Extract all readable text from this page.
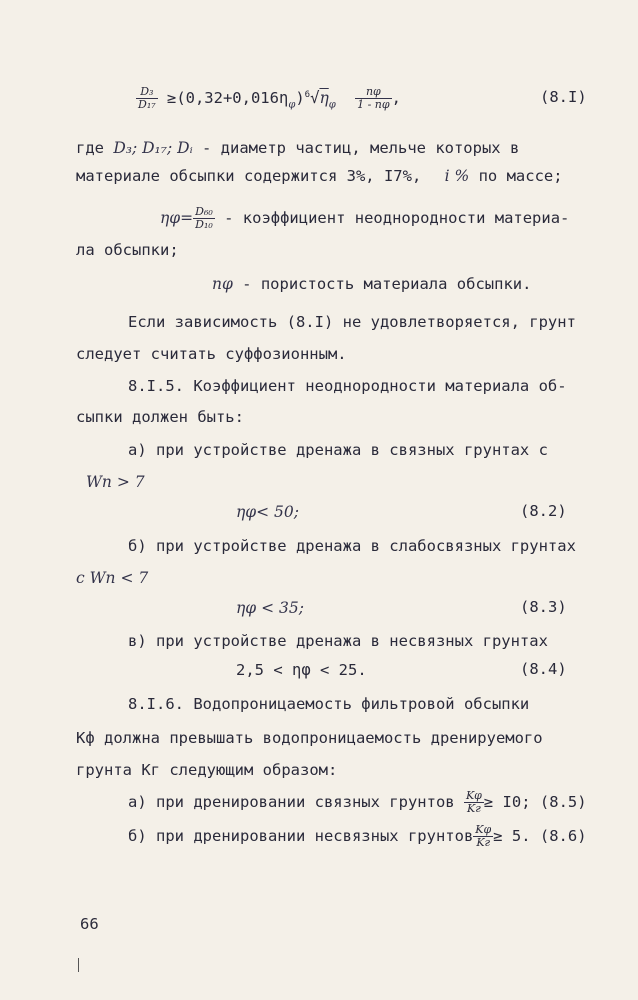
$\frac{\text{D₃}}{\text{D₁₇}} \ge(0,32+0,016\eta_\varphi)^6√\eta_\varphi \frac{n\varphi}{1 - n\varphi}$ ,	(8.I)
где D₃; D₁₇; Dᵢ - диаметр частиц, мельче которых в
материале обсыпки содержится 3%, I7%, i % по массе;
$\eta\varphi= \frac{\text{D₆₀}}{\text{D₁₀}}$ - коэффициент неоднородности материа-
ла обсыпки;
nφ - пористость материала обсыпки.
Если зависимость (8.I) не удовлетворяется, грунт
следует считать суффозионным.
8.I.5. Коэффициент неоднородности материала об-
сыпки должен быть:
а) при устройстве дренажа в связных грунтах с
Wn > 7
ηφ< 50;	(8.2)
б) при устройстве дренажа в слабосвязных грунтах
с Wn < 7
ηφ < 35;	(8.3)
в) при устройстве дренажа в несвязных грунтах
2,5 < ηφ < 25.	(8.4)
8.I.6. Водопроницаемость фильтровой обсыпки
Kф должна превышать водопроницаемость дренируемого
грунта Kг следующим образом:
а) при дренировании связных грунтов $\frac{K\varphi}{Kг} \ge I0$; (8.5)
б) при дренировании несвязных грунтов $\frac{K\varphi}{Kг} \ge 5$. (8.6)
66
